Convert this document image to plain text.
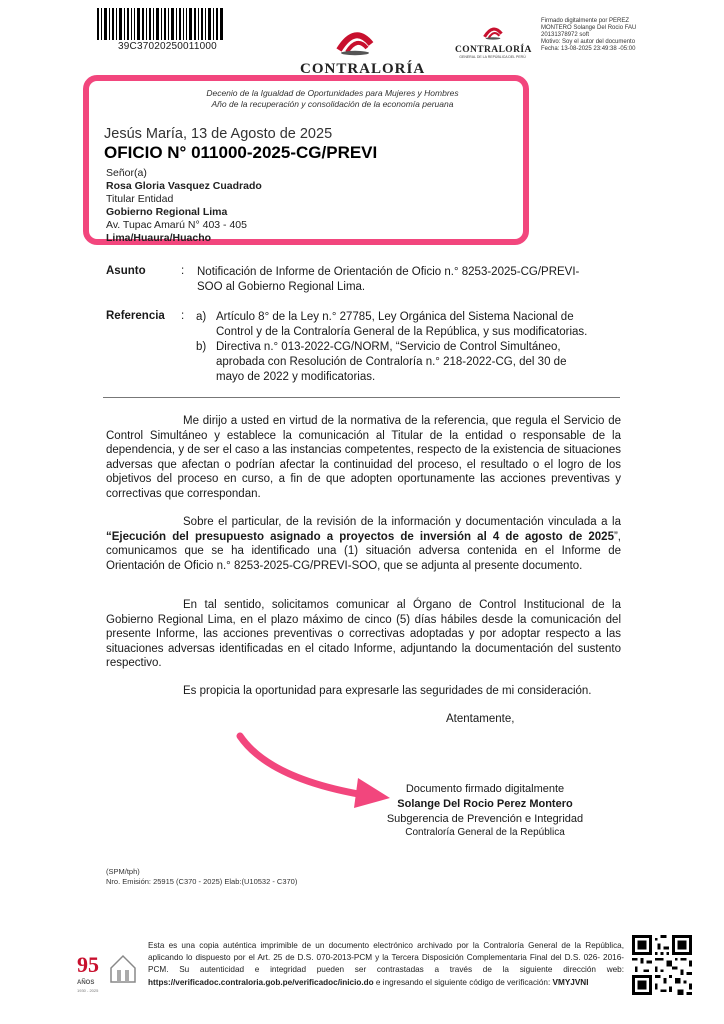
39C37020250011000
CONTRALORÍA
CONTRALORÍA
GENERAL DE LA REPÚBLICA DEL PERÚ
Firmado digitalmente por PEREZ
MONTERO Solange Del Rocio FAU
20131378972 soft
Motivo: Soy el autor del documento
Fecha: 13-08-2025 23:49:38 -05:00
Decenio de la Igualdad de Oportunidades para Mujeres y Hombres
Año de la recuperación y consolidación de la economía peruana
Jesús María, 13 de Agosto de 2025
OFICIO N° 011000-2025-CG/PREVI
Señor(a)
Rosa Gloria Vasquez Cuadrado
Titular Entidad
Gobierno Regional Lima
Av. Tupac Amarú N° 403 - 405
Lima/Huaura/Huacho
Asunto	: Notificación de Informe de Orientación de Oficio n.° 8253-2025-CG/PREVI-
SOO al Gobierno Regional Lima.
Referencia : a) Artículo 8° de la Ley n.° 27785, Ley Orgánica del Sistema Nacional de
Control y de la Contraloría General de la República, y sus modificatorias.
b) Directiva n.° 013-2022-CG/NORM, “Servicio de Control Simultáneo,
aprobada con Resolución de Contraloría n.° 218-2022-CG, del 30 de
mayo de 2022 y modificatorias.
Me dirijo a usted en virtud de la normativa de la referencia, que regula el Servicio de Control Simultáneo y establece la comunicación al Titular de la entidad o responsable de la dependencia, y de ser el caso a las instancias competentes, respecto de la existencia de situaciones adversas que afectan o podrían afectar la continuidad del proceso, el resultado o el logro de los objetivos del proceso en curso, a fin de que adopten oportunamente las acciones preventivas y correctivas que correspondan.
Sobre el particular, de la revisión de la información y documentación vinculada a la “Ejecución del presupuesto asignado a proyectos de inversión al 4 de agosto de 2025”, comunicamos que se ha identificado una (1) situación adversa contenida en el Informe de Orientación de Oficio n.° 8253-2025-CG/PREVI-SOO, que se adjunta al presente documento.
En tal sentido, solicitamos comunicar al Órgano de Control Institucional de la Gobierno Regional Lima, en el plazo máximo de cinco (5) días hábiles desde la comunicación del presente Informe, las acciones preventivas o correctivas adoptadas y por adoptar respecto a las situaciones adversas identificadas en el citado Informe, adjuntando la documentación del sustento respectivo.
Es propicia la oportunidad para expresarle las seguridades de mi consideración.
Atentamente,
Documento firmado digitalmente
Solange Del Rocio Perez Montero
Subgerencia de Prevención e Integridad
Contraloría General de la República
(SPM/tph)
Nro. Emisión: 25915 (C370 - 2025) Elab:(U10532 - C370)
95
AÑOS
1930 - 2025
Esta es una copia auténtica imprimible de un documento electrónico archivado por la Contraloría General de la República, aplicando lo dispuesto por el Art. 25 de D.S. 070-2013-PCM y la Tercera Disposición Complementaria Final del D.S. 026- 2016-PCM. Su autenticidad e integridad pueden ser contrastadas a través de la siguiente dirección web: https://verificadoc.contraloria.gob.pe/verificadoc/inicio.do e ingresando el siguiente código de verificación: VMYJVNI
